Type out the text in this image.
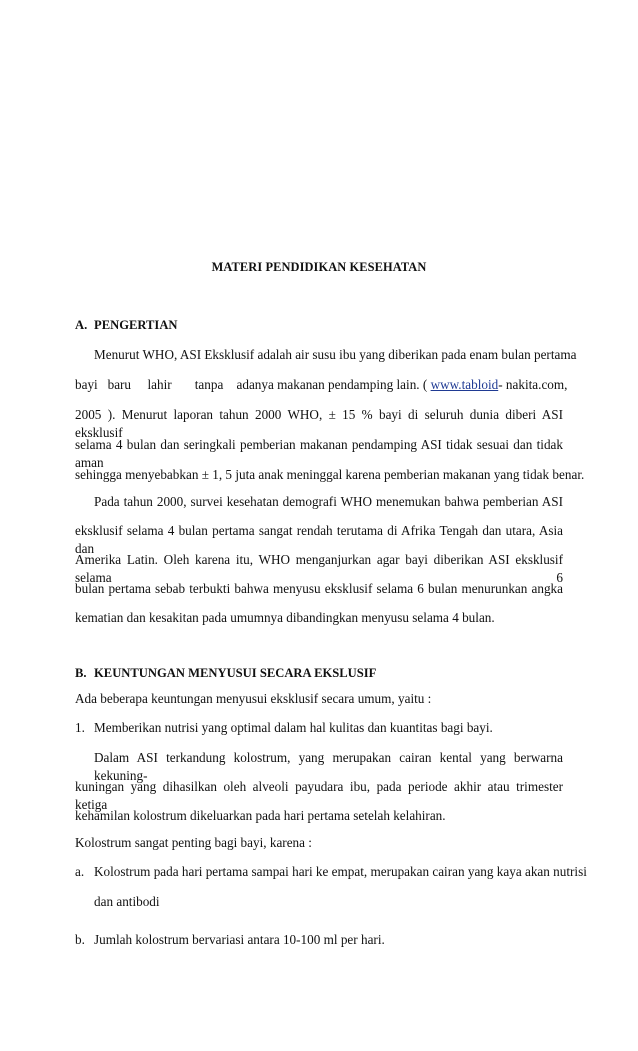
MATERI PENDIDIKAN KESEHATAN
A. PENGERTIAN
Menurut WHO, ASI Eksklusif adalah air susu ibu yang diberikan pada enam bulan pertama
bayi   baru     lahir       tanpa    adanya makanan pendamping lain. ( www.tabloid- nakita.com,
2005 ). Menurut laporan tahun 2000 WHO, ± 15 % bayi di seluruh dunia diberi ASI eksklusif
selama 4 bulan dan seringkali pemberian makanan pendamping ASI tidak sesuai dan tidak aman
sehingga menyebabkan ± 1, 5 juta anak meninggal karena pemberian makanan yang tidak benar.
Pada tahun 2000, survei kesehatan demografi WHO menemukan bahwa pemberian ASI
eksklusif selama 4 bulan pertama sangat rendah terutama di Afrika Tengah dan utara, Asia dan
Amerika Latin. Oleh karena itu, WHO menganjurkan agar bayi diberikan ASI eksklusif selama 6
bulan pertama sebab terbukti bahwa menyusu eksklusif selama 6 bulan menurunkan angka
kematian dan kesakitan pada umumnya dibandingkan menyusu selama 4 bulan.
B. KEUNTUNGAN MENYUSUI SECARA EKSLUSIF
Ada beberapa keuntungan menyusui eksklusif secara umum, yaitu :
1. Memberikan nutrisi yang optimal dalam hal kulitas dan kuantitas bagi bayi.
Dalam ASI terkandung kolostrum, yang merupakan cairan kental yang berwarna kekuning-
kuningan yang dihasilkan oleh alveoli payudara ibu, pada periode akhir atau trimester ketiga
kehamilan kolostrum dikeluarkan pada hari pertama setelah kelahiran.
Kolostrum sangat penting bagi bayi, karena :
a. Kolostrum pada hari pertama sampai hari ke empat, merupakan cairan yang kaya akan nutrisi
dan antibodi
b. Jumlah kolostrum bervariasi antara 10-100 ml per hari.
